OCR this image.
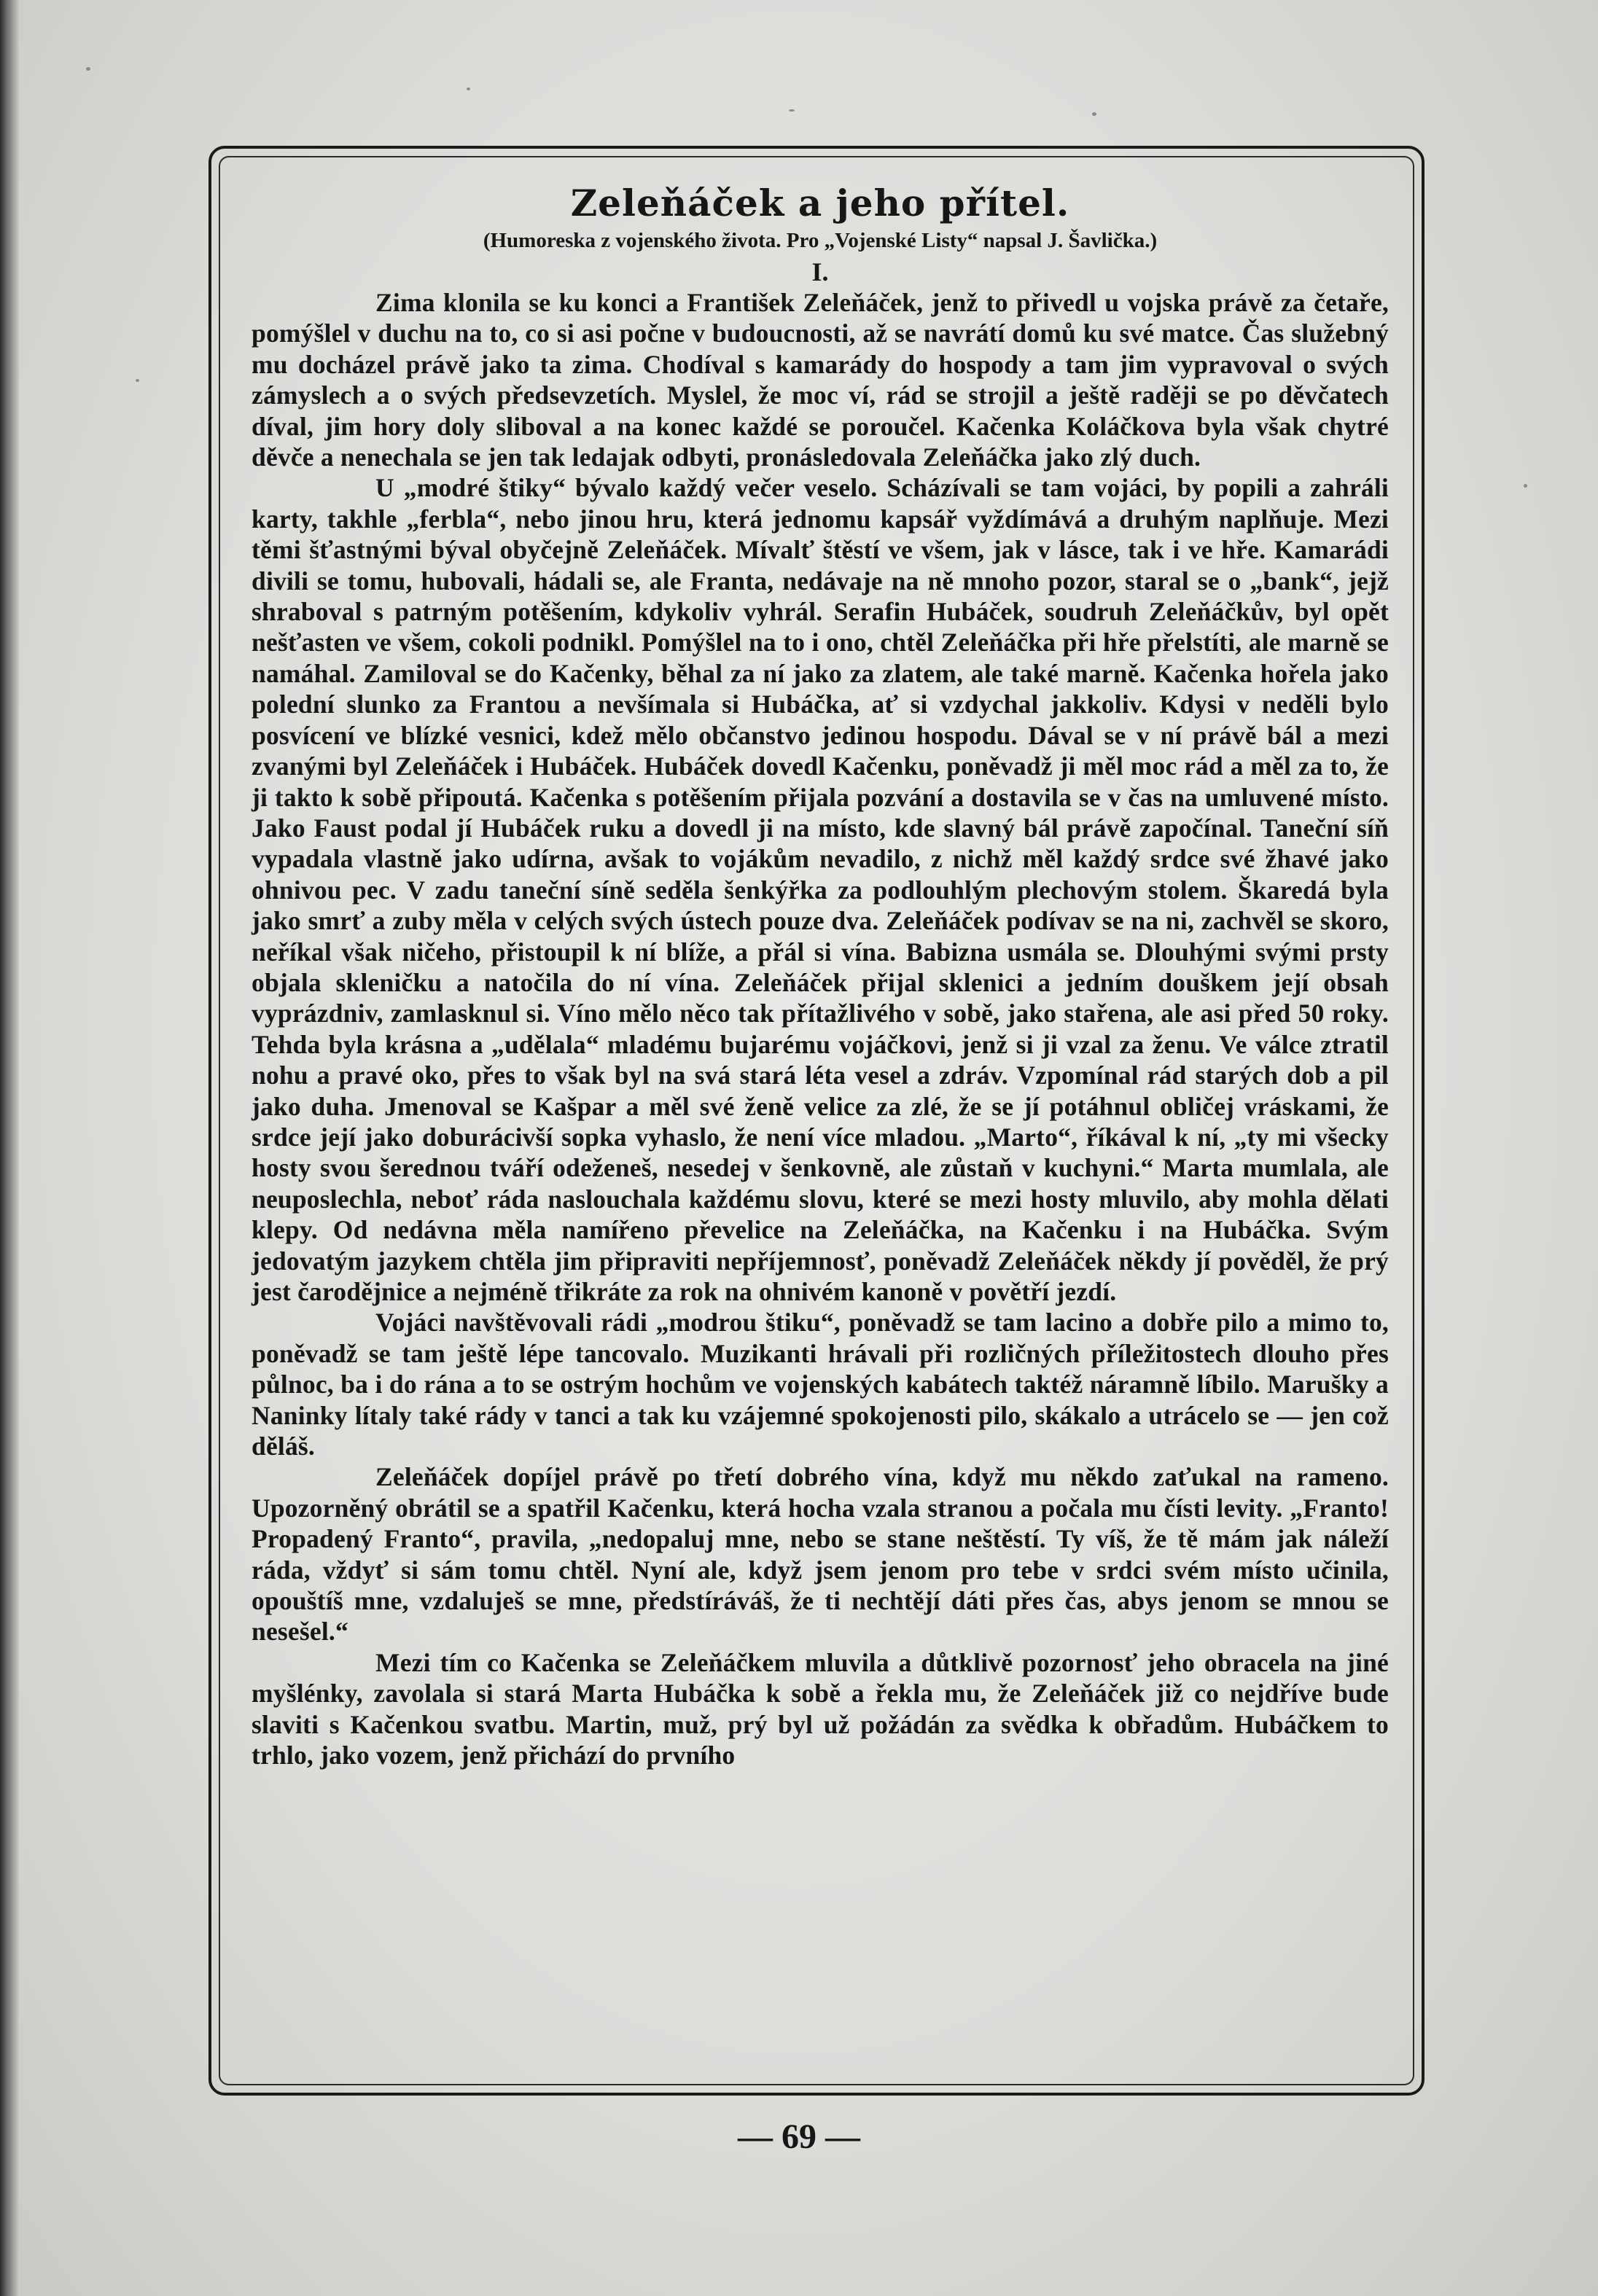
Zeleňáček a jeho přítel.

(Humoreska z vojenského života. Pro „Vojenské Listy“ napsal J. Šavlička.)

I.

Zima klonila se ku konci a František Zeleňáček, jenž to přivedl u vojska právě za četaře, pomýšlel v duchu na to, co si asi počne v budoucnosti, až se navrátí domů ku své matce. Čas služebný mu docházel právě jako ta zima. Chodíval s kamarády do hospody a tam jim vypravoval o svých zámyslech a o svých předsevzetích. Myslel, že moc ví, rád se strojil a ještě raději se po děvčatech díval, jim hory doly sliboval a na konec každé se poroučel. Kačenka Koláčkova byla však chytré děvče a nenechala se jen tak ledajak odbyti, pronásledovala Zeleňáčka jako zlý duch.

U „modré štiky“ bývalo každý večer veselo. Scházívali se tam vojáci, by popili a zahráli karty, takhle „ferbla“, nebo jinou hru, která jednomu kapsář vyždímává a druhým naplňuje. Mezi těmi šťastnými býval obyčejně Zeleňáček. Mívalť štěstí ve všem, jak v lásce, tak i ve hře. Kamarádi divili se tomu, hubovali, hádali se, ale Franta, nedávaje na ně mnoho pozor, staral se o „bank“, jejž shraboval s patrným potěšením, kdykoliv vyhrál. Serafin Hubáček, soudruh Zeleňáčkův, byl opět nešťasten ve všem, cokoli podnikl. Pomýšlel na to i ono, chtěl Zeleňáčka při hře přelstíti, ale marně se namáhal. Zamiloval se do Kačenky, běhal za ní jako za zlatem, ale také marně. Kačenka hořela jako polední slunko za Frantou a nevšímala si Hubáčka, ať si vzdychal jakkoliv. Kdysi v neděli bylo posvícení ve blízké vesnici, kdež mělo občanstvo jedinou hospodu. Dával se v ní právě bál a mezi zvanými byl Zeleňáček i Hubáček. Hubáček dovedl Kačenku, poněvadž ji měl moc rád a měl za to, že ji takto k sobě připoutá. Kačenka s potěšením přijala pozvání a dostavila se v čas na umluvené místo. Jako Faust podal jí Hubáček ruku a dovedl ji na místo, kde slavný bál právě započínal. Taneční síň vypadala vlastně jako udírna, avšak to vojákům nevadilo, z nichž měl každý srdce své žhavé jako ohnivou pec. V zadu taneční síně seděla šenkýřka za podlouhlým plechovým stolem. Škaredá byla jako smrť a zuby měla v celých svých ústech pouze dva. Zeleňáček podívav se na ni, zachvěl se skoro, neříkal však ničeho, přistoupil k ní blíže, a přál si vína. Babizna usmála se. Dlouhými svými prsty objala skleničku a natočila do ní vína. Zeleňáček přijal sklenici a jedním douškem její obsah vyprázdniv, zamlasknul si. Víno mělo něco tak přítažlivého v sobě, jako stařena, ale asi před 50 roky. Tehda byla krásna a „udělala“ mladému bujarému vojáčkovi, jenž si ji vzal za ženu. Ve válce ztratil nohu a pravé oko, přes to však byl na svá stará léta vesel a zdráv. Vzpomínal rád starých dob a pil jako duha. Jmenoval se Kašpar a měl své ženě velice za zlé, že se jí potáhnul obličej vráskami, že srdce její jako doburácivší sopka vyhaslo, že není více mladou. „Marto“, říkával k ní, „ty mi všecky hosty svou šerednou tváří odeženeš, nesedej v šenkovně, ale zůstaň v kuchyni.“ Marta mumlala, ale neuposlechla, neboť ráda naslouchala každému slovu, které se mezi hosty mluvilo, aby mohla dělati klepy. Od nedávna měla namířeno převelice na Zeleňáčka, na Kačenku i na Hubáčka. Svým jedovatým jazykem chtěla jim připraviti nepříjemnosť, poněvadž Zeleňáček někdy jí pověděl, že prý jest čarodějnice a nejméně třikráte za rok na ohnivém kanoně v povětří jezdí.

Vojáci navštěvovali rádi „modrou štiku“, poněvadž se tam lacino a dobře pilo a mimo to, poněvadž se tam ještě lépe tancovalo. Muzikanti hrávali při rozličných příležitostech dlouho přes půlnoc, ba i do rána a to se ostrým hochům ve vojenských kabátech taktéž náramně líbilo. Marušky a Naninky lítaly také rády v tanci a tak ku vzájemné spokojenosti pilo, skákalo a utrácelo se — jen což děláš.

Zeleňáček dopíjel právě po třetí dobrého vína, když mu někdo zaťukal na rameno. Upozorněný obrátil se a spatřil Kačenku, která hocha vzala stranou a počala mu čísti levity. „Franto! Propadený Franto“, pravila, „nedopaluj mne, nebo se stane neštěstí. Ty víš, že tě mám jak náleží ráda, vždyť si sám tomu chtěl. Nyní ale, když jsem jenom pro tebe v srdci svém místo učinila, opouštíš mne, vzdaluješ se mne, předstíráváš, že ti nechtějí dáti přes čas, abys jenom se mnou se nesešel.“

Mezi tím co Kačenka se Zeleňáčkem mluvila a důtklivě pozornosť jeho obracela na jiné myšlénky, zavolala si stará Marta Hubáčka k sobě a řekla mu, že Zeleňáček již co nejdříve bude slaviti s Kačenkou svatbu. Martin, muž, prý byl už požádán za svědka k obřadům. Hubáčkem to trhlo, jako vozem, jenž přichází do prvního

— 69 —
